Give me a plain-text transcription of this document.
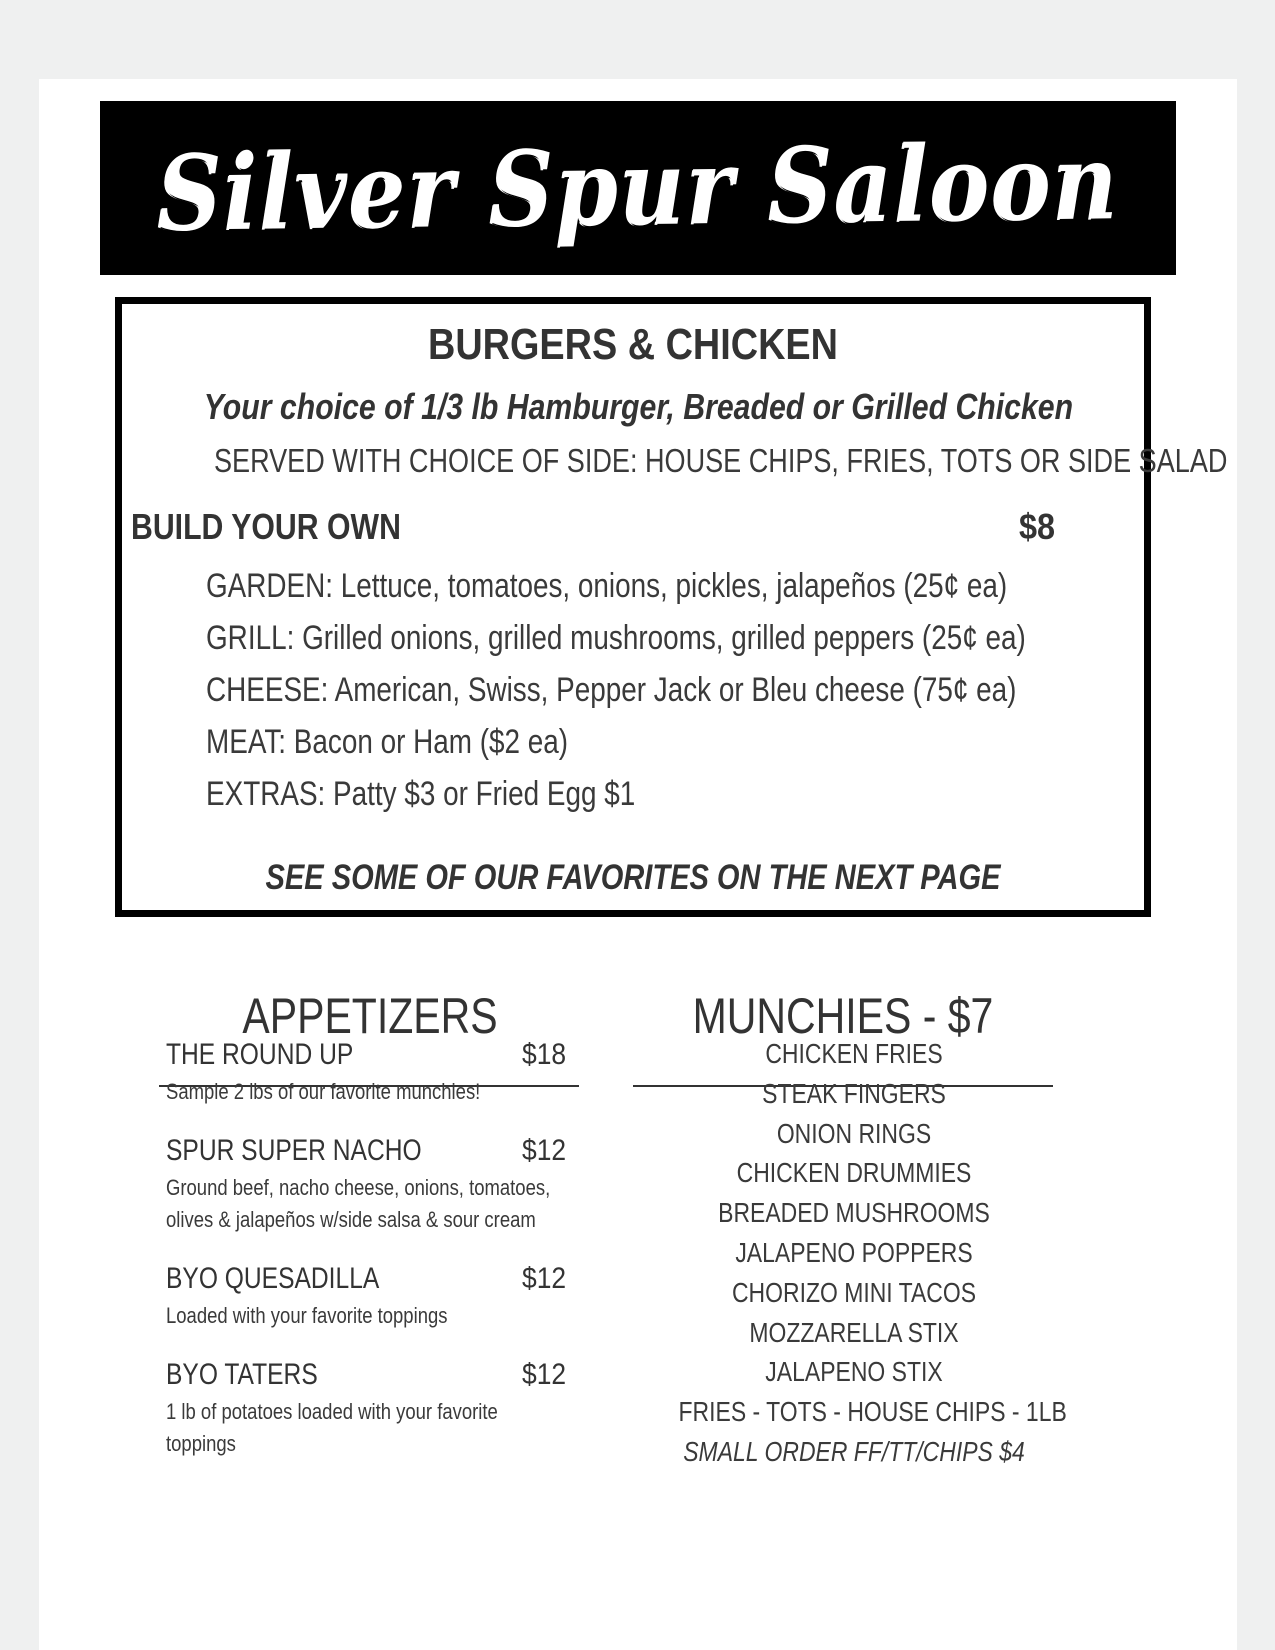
Silver Spur Saloon
BURGERS & CHICKEN
Your choice of 1/3 lb Hamburger, Breaded or Grilled Chicken
SERVED WITH CHOICE OF SIDE: HOUSE CHIPS, FRIES, TOTS OR SIDE SALAD
BUILD YOUR OWN	$8
GARDEN: Lettuce, tomatoes, onions, pickles, jalapeños (25¢ ea)
GRILL: Grilled onions, grilled mushrooms, grilled peppers (25¢ ea)
CHEESE: American, Swiss, Pepper Jack or Bleu cheese (75¢ ea)
MEAT: Bacon or Ham ($2 ea)
EXTRAS: Patty $3 or Fried Egg $1
SEE SOME OF OUR FAVORITES ON THE NEXT PAGE
APPETIZERS	MUNCHIES - $7
THE ROUND UP	$18
Sample 2 lbs of our favorite munchies!
SPUR SUPER NACHO	$12
Ground beef, nacho cheese, onions, tomatoes, olives & jalapeños w/side salsa & sour cream
BYO QUESADILLA	$12
Loaded with your favorite toppings
BYO TATERS	$12
1 lb of potatoes loaded with your favorite toppings
CHICKEN FRIES
STEAK FINGERS
ONION RINGS
CHICKEN DRUMMIES
BREADED MUSHROOMS
JALAPENO POPPERS
CHORIZO MINI TACOS
MOZZARELLA STIX
JALAPENO STIX
FRIES - TOTS - HOUSE CHIPS - 1LB
SMALL ORDER FF/TT/CHIPS $4
